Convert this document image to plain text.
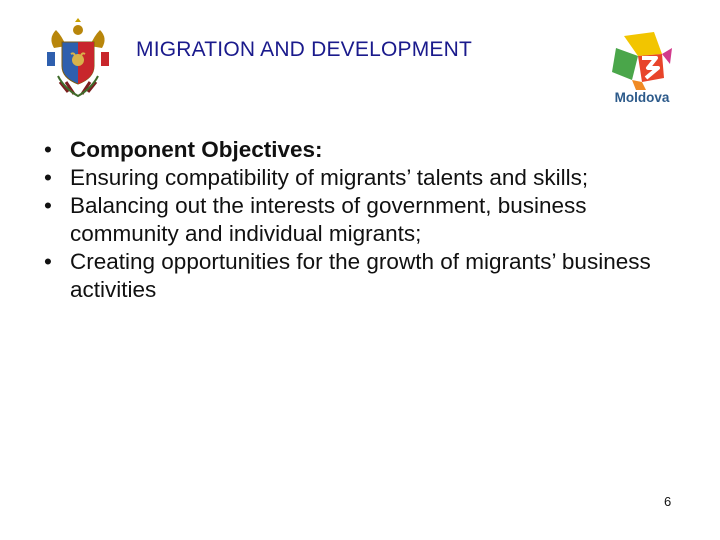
MIGRATION AND DEVELOPMENT
Moldova
• Component Objectives:
• Ensuring compatibility of migrants’ talents and skills;
• Balancing out the interests of government, business community and individual migrants;
• Creating opportunities for the growth of migrants’ business activities
6
